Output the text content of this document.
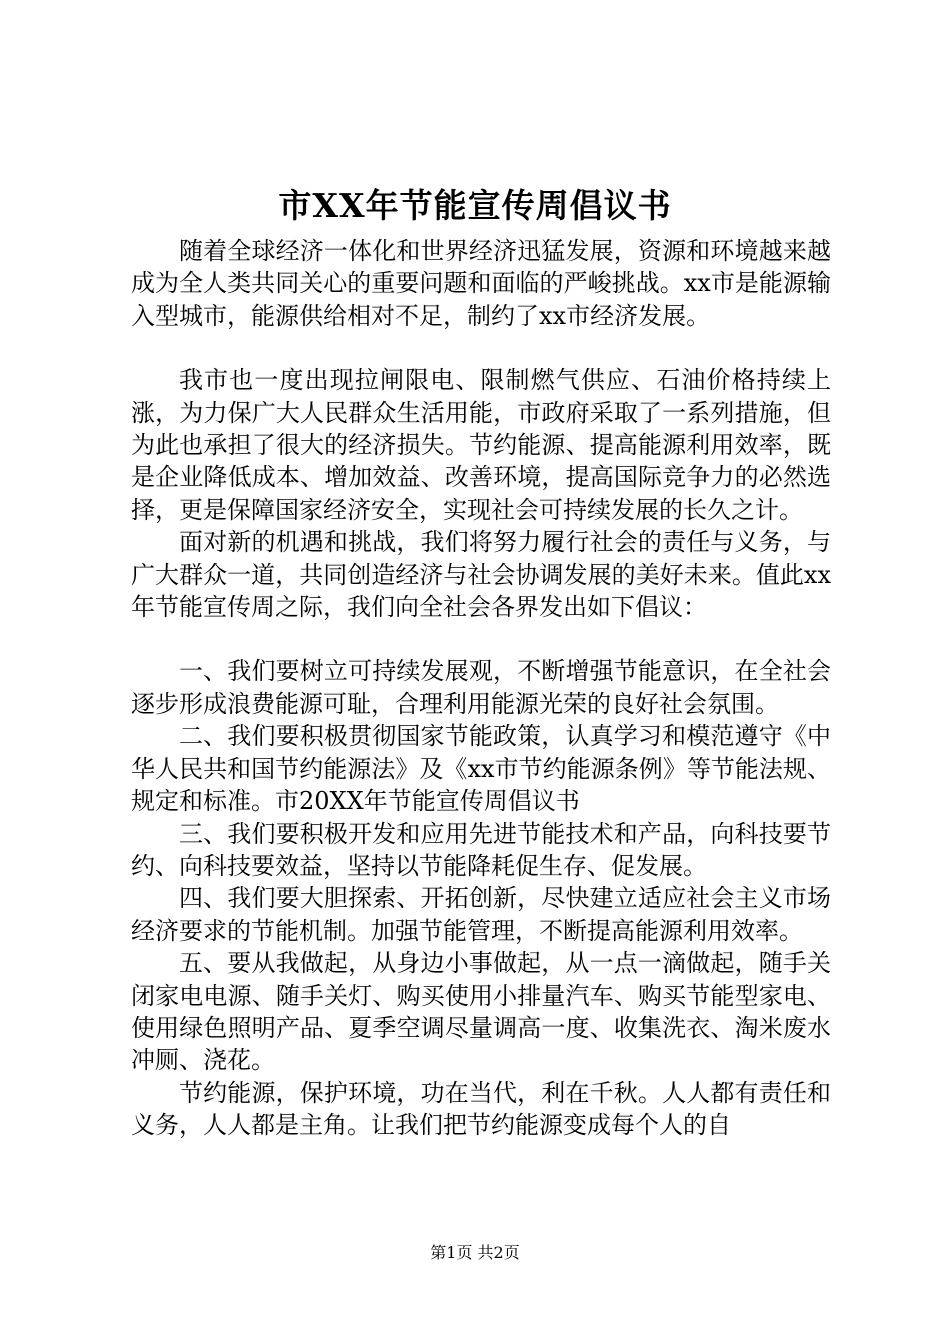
市XX年节能宣传周倡议书

随着全球经济一体化和世界经济迅猛发展，资源和环境越来越成为全人类共同关心的重要问题和面临的严峻挑战。xx市是能源输入型城市，能源供给相对不足，制约了xx市经济发展。

我市也一度出现拉闸限电、限制燃气供应、石油价格持续上涨，为力保广大人民群众生活用能，市政府采取了一系列措施，但为此也承担了很大的经济损失。节约能源、提高能源利用效率，既是企业降低成本、增加效益、改善环境，提高国际竞争力的必然选择，更是保障国家经济安全，实现社会可持续发展的长久之计。

面对新的机遇和挑战，我们将努力履行社会的责任与义务，与广大群众一道，共同创造经济与社会协调发展的美好未来。值此xx年节能宣传周之际，我们向全社会各界发出如下倡议：

一、我们要树立可持续发展观，不断增强节能意识，在全社会逐步形成浪费能源可耻，合理利用能源光荣的良好社会氛围。

二、我们要积极贯彻国家节能政策，认真学习和模范遵守《中华人民共和国节约能源法》及《xx市节约能源条例》等节能法规、规定和标准。市20XX年节能宣传周倡议书

三、我们要积极开发和应用先进节能技术和产品，向科技要节约、向科技要效益，坚持以节能降耗促生存、促发展。

四、我们要大胆探索、开拓创新，尽快建立适应社会主义市场经济要求的节能机制。加强节能管理，不断提高能源利用效率。

五、要从我做起，从身边小事做起，从一点一滴做起，随手关闭家电电源、随手关灯、购买使用小排量汽车、购买节能型家电、使用绿色照明产品、夏季空调尽量调高一度、收集洗衣、淘米废水冲厕、浇花。

节约能源，保护环境，功在当代，利在千秋。人人都有责任和义务，人人都是主角。让我们把节约能源变成每个人的自

第1页 共2页
